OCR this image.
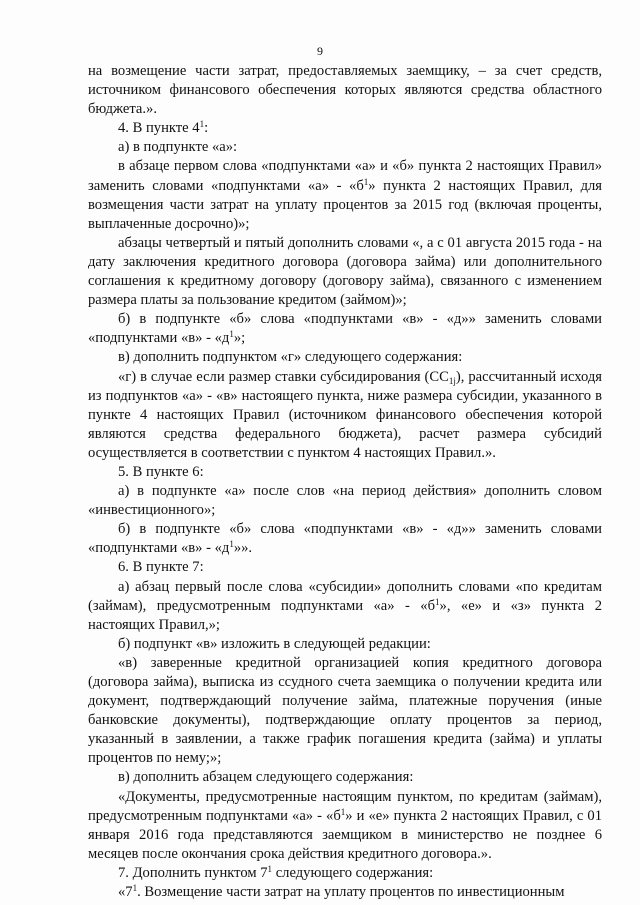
9

на возмещение части затрат, предоставляемых заемщику, – за счет средств, источником финансового обеспечения которых являются средства областного бюджета.».

4. В пункте $4^1$:

а) в подпункте «а»:

в абзаце первом слова «подпунктами «а» и «б» пункта 2 настоящих Правил» заменить словами «подпунктами «а» - «$б^1$» пункта 2 настоящих Правил, для возмещения части затрат на уплату процентов за 2015 год (включая проценты, выплаченные досрочно)»;

абзацы четвертый и пятый дополнить словами «, а с 01 августа 2015 года - на дату заключения кредитного договора (договора займа) или дополнительного соглашения к кредитному договору (договору займа), связанного с изменением размера платы за пользование кредитом (займом)»;

б) в подпункте «б» слова «подпунктами «в» - «д»» заменить словами «подпунктами «в» - «$д^1$»;

в) дополнить подпунктом «г» следующего содержания:

«г) в случае если размер ставки субсидирования $(СС_{1j})$, рассчитанный исходя из подпунктов «а» - «в» настоящего пункта, ниже размера субсидии, указанного в пункте 4 настоящих Правил (источником финансового обеспечения которой являются средства федерального бюджета), расчет размера субсидий осуществляется в соответствии с пунктом 4 настоящих Правил.».

5. В пункте 6:

а) в подпункте «а» после слов «на период действия» дополнить словом «инвестиционного»;

б) в подпункте «б» слова «подпунктами «в» - «д»» заменить словами «подпунктами «в» - «$д^1$»».

6. В пункте 7:

а) абзац первый после слова «субсидии» дополнить словами «по кредитам (займам), предусмотренным подпунктами «а» - «$б^1$», «е» и «з» пункта 2 настоящих Правил,»;

б) подпункт «в» изложить в следующей редакции:

«в) заверенные кредитной организацией копия кредитного договора (договора займа), выписка из ссудного счета заемщика о получении кредита или документ, подтверждающий получение займа, платежные поручения (иные банковские документы), подтверждающие оплату процентов за период, указанный в заявлении, а также график погашения кредита (займа) и уплаты процентов по нему;»;

в) дополнить абзацем следующего содержания:

«Документы, предусмотренные настоящим пунктом, по кредитам (займам), предусмотренным подпунктами «а» - «$б^1$» и «е» пункта 2 настоящих Правил, с 01 января 2016 года представляются заемщиком в министерство не позднее 6 месяцев после окончания срока действия кредитного договора.».

7. Дополнить пунктом $7^1$ следующего содержания:

«$7^1$. Возмещение части затрат на уплату процентов по инвестиционным
